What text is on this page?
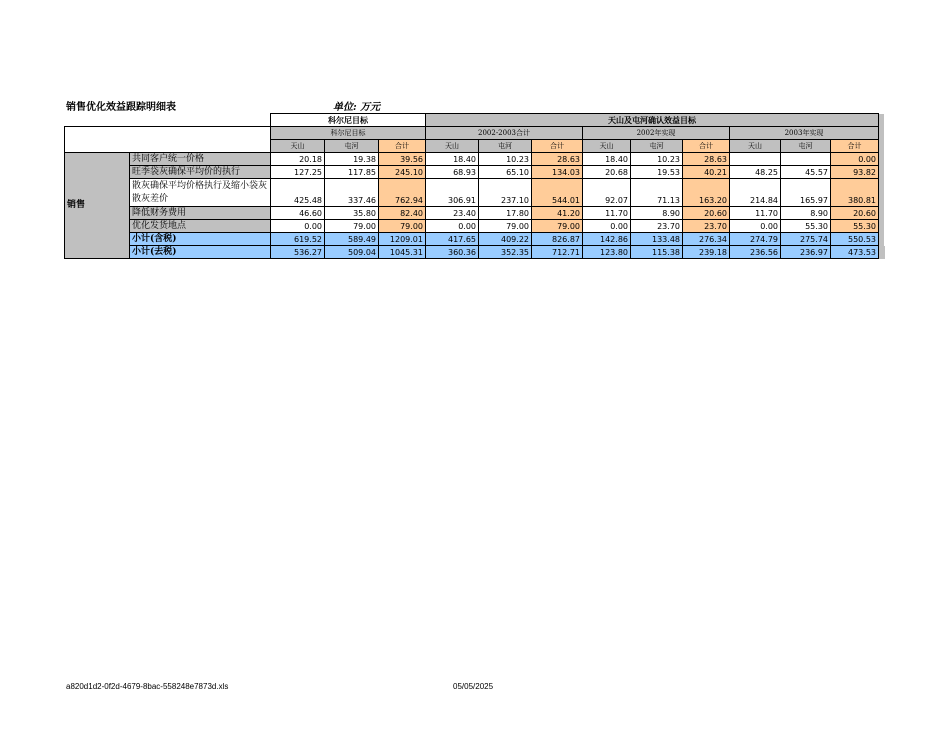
销售优化效益跟踪明细表	单位: 万元
		科尔尼目标			天山及屯河确认效益目标									
		科尔尼目标			2002-2003合计			2002年实现			2003年实现			
		天山	屯河	合计	天山	屯河	合计	天山	屯河	合计	天山	屯河	合计	
销售	共同客户统一价格	20.18	19.38	39.56	18.40	10.23	28.63	18.40	10.23	28.63			0.00	
	旺季袋灰确保平均价的执行	127.25	117.85	245.10	68.93	65.10	134.03	20.68	19.53	40.21	48.25	45.57	93.82	
	散灰确保平均价格执行及缩小袋灰散灰差价	425.48	337.46	762.94	306.91	237.10	544.01	92.07	71.13	163.20	214.84	165.97	380.81	
	降低财务费用	46.60	35.80	82.40	23.40	17.80	41.20	11.70	8.90	20.60	11.70	8.90	20.60	
	优化发货地点	0.00	79.00	79.00	0.00	79.00	79.00	0.00	23.70	23.70	0.00	55.30	55.30	
	小计(含税)	619.52	589.49	1209.01	417.65	409.22	826.87	142.86	133.48	276.34	274.79	275.74	550.53	
	小计(去税)	536.27	509.04	1045.31	360.36	352.35	712.71	123.80	115.38	239.18	236.56	236.97	473.53	
a820d1d2-0f2d-4679-8bac-558248e7873d.xls	05/05/2025
